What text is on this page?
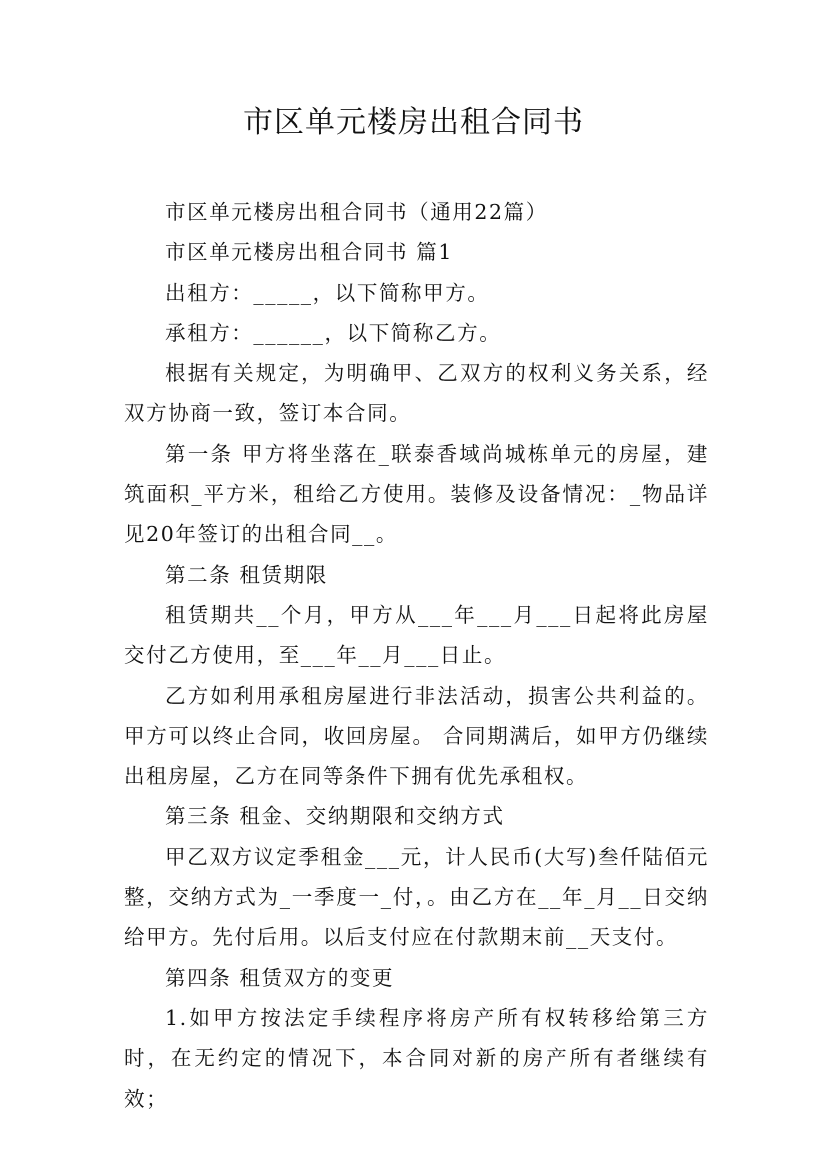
市区单元楼房出租合同书

市区单元楼房出租合同书（通用22篇）

市区单元楼房出租合同书 篇1

出租方：_____，以下简称甲方。

承租方：______，以下简称乙方。

根据有关规定，为明确甲、乙双方的权利义务关系，经双方协商一致，签订本合同。

第一条 甲方将坐落在_联泰香域尚城栋单元的房屋，建筑面积_平方米，租给乙方使用。装修及设备情况：_物品详见20年签订的出租合同__。

第二条 租赁期限

租赁期共__个月，甲方从___年___月___日起将此房屋交付乙方使用，至___年__月___日止。

乙方如利用承租房屋进行非法活动，损害公共利益的。甲方可以终止合同，收回房屋。 合同期满后，如甲方仍继续出租房屋，乙方在同等条件下拥有优先承租权。

第三条 租金、交纳期限和交纳方式

甲乙双方议定季租金___元，计人民币(大写)叁仟陆佰元整，交纳方式为_一季度一_付，。由乙方在__年_月__日交纳给甲方。先付后用。以后支付应在付款期末前__天支付。

第四条 租赁双方的变更

1.如甲方按法定手续程序将房产所有权转移给第三方时，在无约定的情况下，本合同对新的房产所有者继续有效；
